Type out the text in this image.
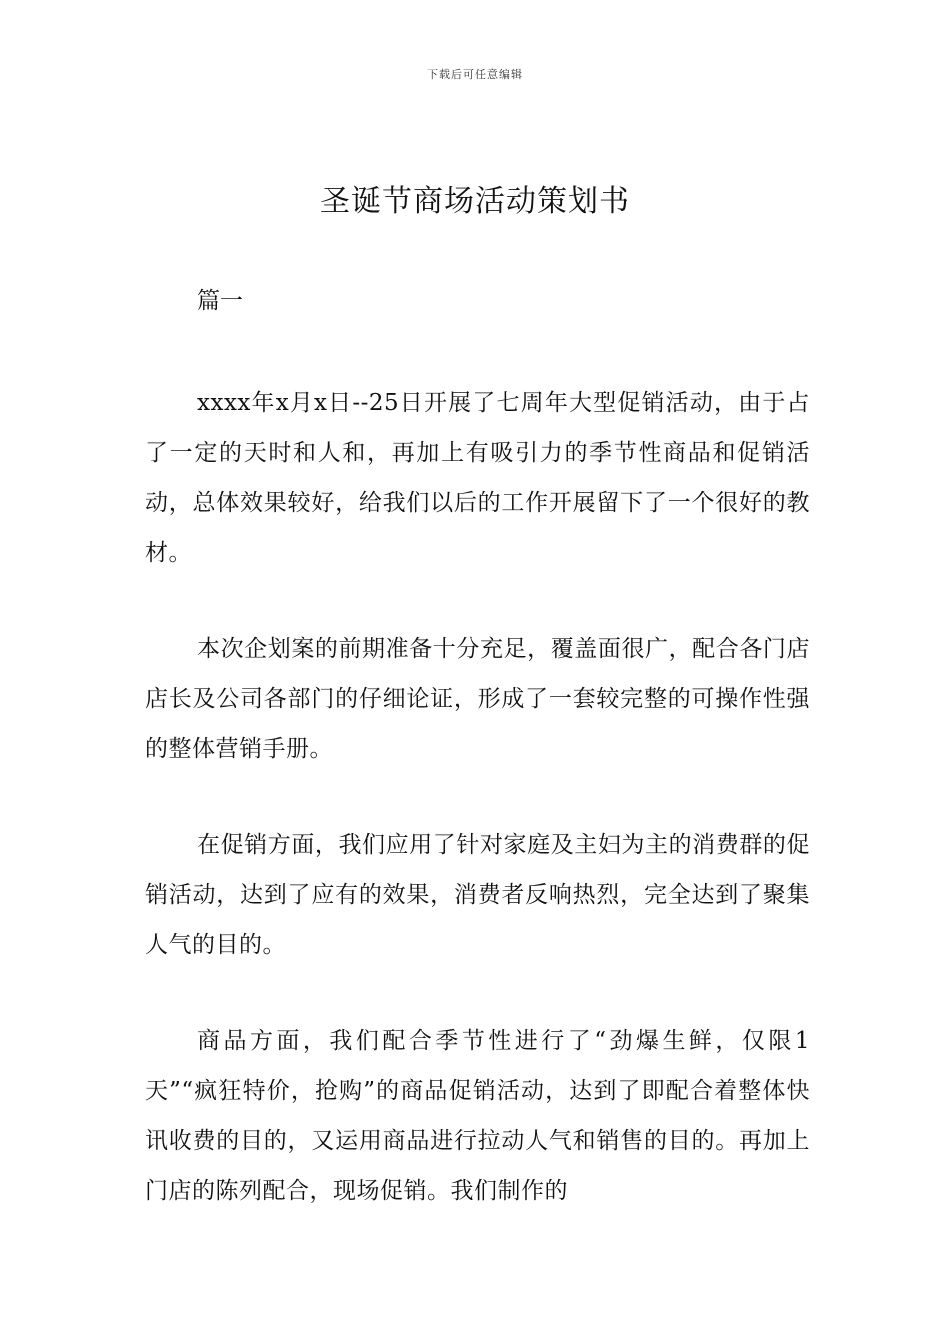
下载后可任意编辑
圣诞节商场活动策划书

篇一

xxxx年x月x日--25日开展了七周年大型促销活动，由于占了一定的天时和人和，再加上有吸引力的季节性商品和促销活动，总体效果较好，给我们以后的工作开展留下了一个很好的教材。

本次企划案的前期准备十分充足，覆盖面很广，配合各门店店长及公司各部门的仔细论证，形成了一套较完整的可操作性强的整体营销手册。

在促销方面，我们应用了针对家庭及主妇为主的消费群的促销活动，达到了应有的效果，消费者反响热烈，完全达到了聚集人气的目的。

商品方面，我们配合季节性进行了“劲爆生鲜，仅限1天”“疯狂特价，抢购”的商品促销活动，达到了即配合着整体快讯收费的目的，又运用商品进行拉动人气和销售的目的。再加上门店的陈列配合，现场促销。我们制作的
